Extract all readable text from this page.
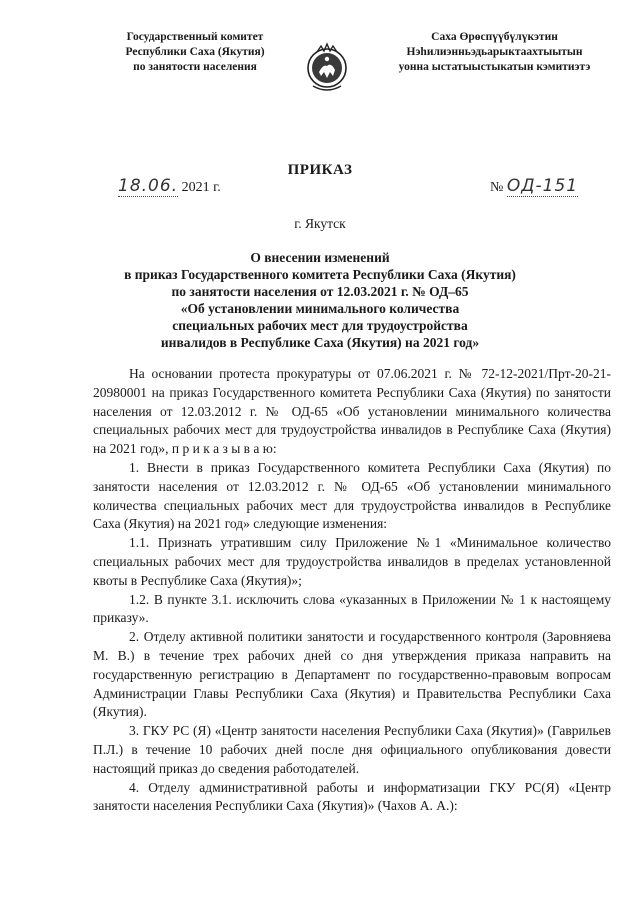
Государственный комитет
Республики Саха (Якутия)
по занятости населения
Саха Өрөспүүбүлүкэтин
Нэһилиэнньэдьарыктаахтыытын
уонна ыстатыыстыкатын кэмитиэтэ
ПРИКАЗ
18.06. 2021 г.	№ ОД-151
г. Якутск
О внесении изменений
в приказ Государственного комитета Республики Саха (Якутия)
по занятости населения от 12.03.2021 г. № ОД–65
«Об установлении минимального количества
специальных рабочих мест для трудоустройства
инвалидов в Республике Саха (Якутия) на 2021 год»

На основании протеста прокуратуры от 07.06.2021 г. № 72-12-2021/Прт-20-21-20980001 на приказ Государственного комитета Республики Саха (Якутия) по занятости населения от 12.03.2012 г. № ОД-65 «Об установлении минимального количества специальных рабочих мест для трудоустройства инвалидов в Республике Саха (Якутия) на 2021 год», п р и к а з ы в а ю:

1. Внести в приказ Государственного комитета Республики Саха (Якутия) по занятости населения от 12.03.2012 г. № ОД-65 «Об установлении минимального количества специальных рабочих мест для трудоустройства инвалидов в Республике Саха (Якутия) на 2021 год» следующие изменения:

1.1. Признать утратившим силу Приложение №1 «Минимальное количество специальных рабочих мест для трудоустройства инвалидов в пределах установленной квоты в Республике Саха (Якутия)»;

1.2. В пункте 3.1. исключить слова «указанных в Приложении № 1 к настоящему приказу».

2. Отделу активной политики занятости и государственного контроля (Заровняева М. В.) в течение трех рабочих дней со дня утверждения приказа направить на государственную регистрацию в Департамент по государственно-правовым вопросам Администрации Главы Республики Саха (Якутия) и Правительства Республики Саха (Якутия).

3. ГКУ РС (Я) «Центр занятости населения Республики Саха (Якутия)» (Гаврильев П.Л.) в течение 10 рабочих дней после дня официального опубликования довести настоящий приказ до сведения работодателей.

4. Отделу административной работы и информатизации ГКУ РС(Я) «Центр занятости населения Республики Саха (Якутия)» (Чахов А. А.):
